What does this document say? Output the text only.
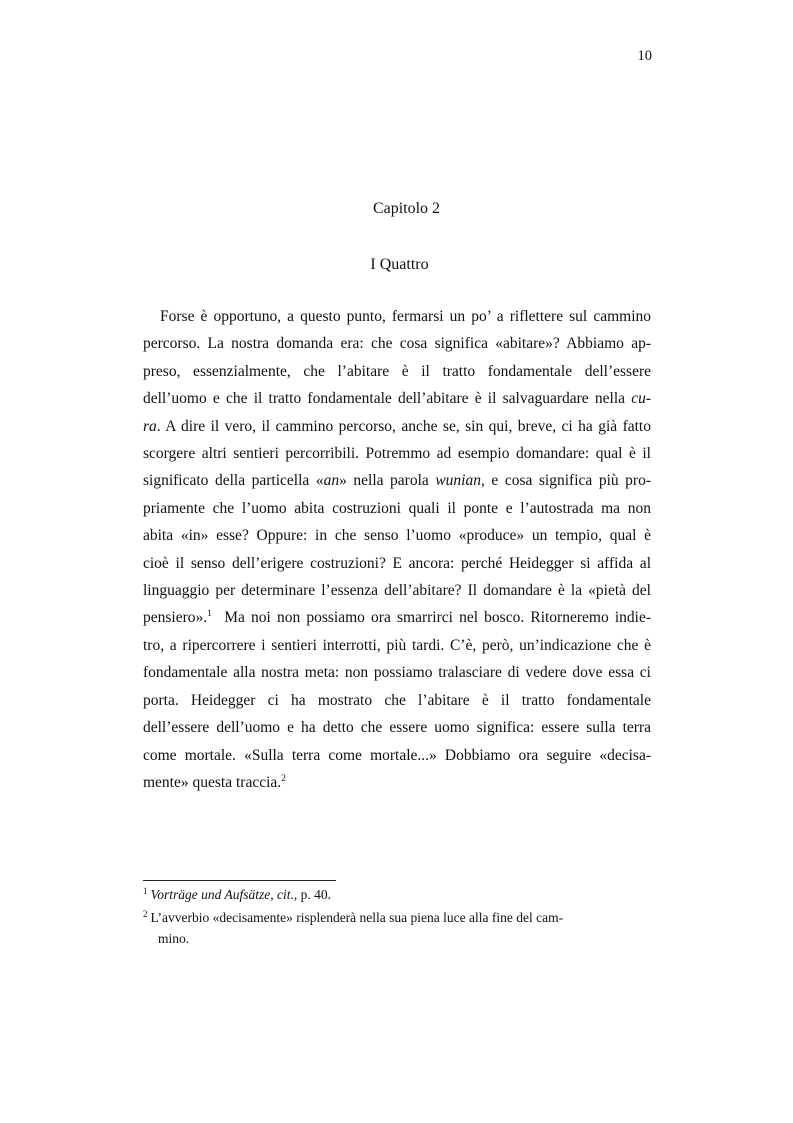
10
Capitolo 2
I Quattro
Forse è opportuno, a questo punto, fermarsi un po’ a riflettere sul cammino
percorso. La nostra domanda era: che cosa significa «abitare»? Abbiamo ap-
preso, essenzialmente, che l’abitare è il tratto fondamentale dell’essere
dell’uomo e che il tratto fondamentale dell’abitare è il salvaguardare nella cu-
ra. A dire il vero, il cammino percorso, anche se, sin qui, breve, ci ha già fatto
scorgere altri sentieri percorribili. Potremmo ad esempio domandare: qual è il
significato della particella «an» nella parola wunian, e cosa significa più pro-
priamente che l’uomo abita costruzioni quali il ponte e l’autostrada ma non
abita «in» esse? Oppure: in che senso l’uomo «produce» un tempio, qual è
cioè il senso dell’erigere costruzioni? E ancora: perché Heidegger si affida al
linguaggio per determinare l’essenza dell’abitare? Il domandare è la «pietà del
pensiero».$^1$ Ma noi non possiamo ora smarrirci nel bosco. Ritorneremo indie-
tro, a ripercorrere i sentieri interrotti, più tardi. C’è, però, un’indicazione che è
fondamentale alla nostra meta: non possiamo tralasciare di vedere dove essa ci
porta. Heidegger ci ha mostrato che l’abitare è il tratto fondamentale
dell’essere dell’uomo e ha detto che essere uomo significa: essere sulla terra
come mortale. «Sulla terra come mortale...» Dobbiamo ora seguire «decisa-
mente» questa traccia.$^2$

$^1$ Vorträge und Aufsätze, cit., p. 40.

$^2$ L’avverbio «decisamente» risplenderà nella sua piena luce alla fine del cam-

mino.
